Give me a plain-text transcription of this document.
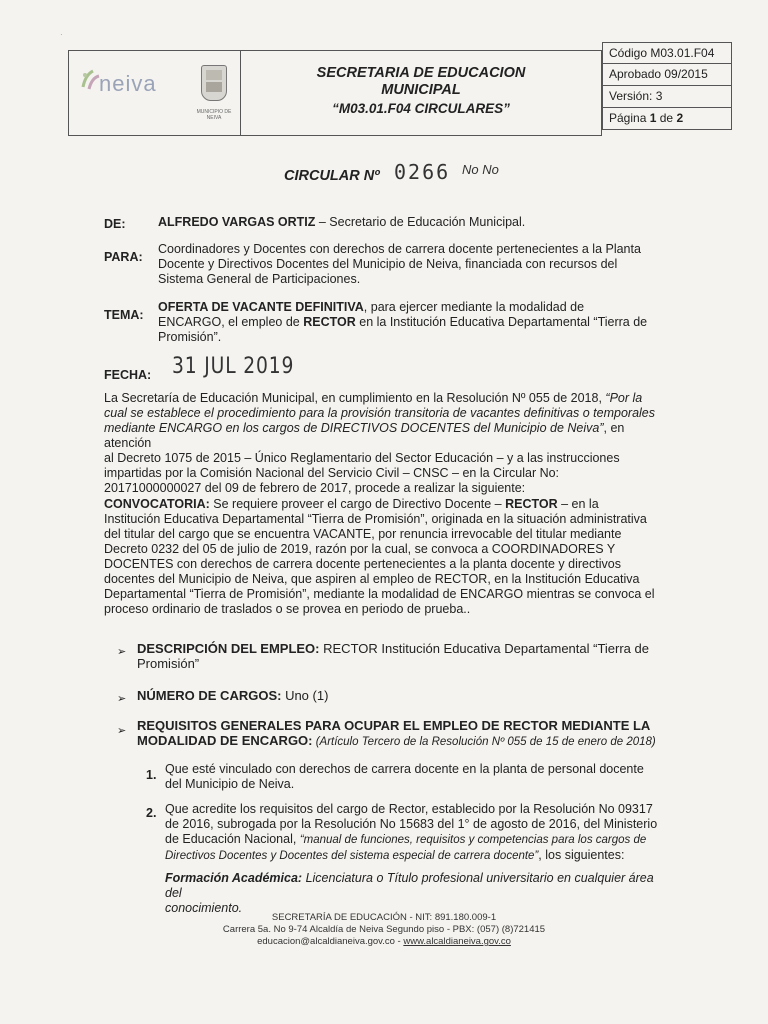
·
neiva
MUNICIPIO DE NEIVA
SECRETARIA DE EDUCACION
MUNICIPAL
“M03.01.F04 CIRCULARES”
Código M03.01.F04
Aprobado 09/2015
Versión: 3
Página 1 de 2
CIRCULAR Nº 0266 No No
DE:	ALFREDO VARGAS ORTIZ – Secretario de Educación Municipal.
PARA:
Coordinadores y Docentes con derechos de carrera docente pertenecientes a la Planta
Docente y Directivos Docentes del Municipio de Neiva, financiada con recursos del
Sistema General de Participaciones.
TEMA:
OFERTA DE VACANTE DEFINITIVA, para ejercer mediante la modalidad de
ENCARGO, el empleo de RECTOR en la Institución Educativa Departamental “Tierra de
Promisión”.
FECHA: 31 JUL 2019
La Secretaría de Educación Municipal, en cumplimiento en la Resolución Nº 055 de 2018, “Por la
cual se establece el procedimiento para la provisión transitoria de vacantes definitivas o temporales
mediante ENCARGO en los cargos de DIRECTIVOS DOCENTES del Municipio de Neiva”, en atención
al Decreto 1075 de 2015 – Único Reglamentario del Sector Educación – y a las instrucciones
impartidas por la Comisión Nacional del Servicio Civil – CNSC – en la Circular No:
20171000000027 del 09 de febrero de 2017, procede a realizar la siguiente:
CONVOCATORIA: Se requiere proveer el cargo de Directivo Docente – RECTOR – en la
Institución Educativa Departamental “Tierra de Promisión”, originada en la situación administrativa
del titular del cargo que se encuentra VACANTE, por renuncia irrevocable del titular mediante
Decreto 0232 del 05 de julio de 2019, razón por la cual, se convoca a COORDINADORES Y
DOCENTES con derechos de carrera docente pertenecientes a la planta docente y directivos
docentes del Municipio de Neiva, que aspiren al empleo de RECTOR, en la Institución Educativa
Departamental “Tierra de Promisión”, mediante la modalidad de ENCARGO mientras se convoca el
proceso ordinario de traslados o se provea en periodo de prueba..
➢ DESCRIPCIÓN DEL EMPLEO: RECTOR Institución Educativa Departamental “Tierra de
Promisión”
➢ NÚMERO DE CARGOS: Uno (1)
➢ REQUISITOS GENERALES PARA OCUPAR EL EMPLEO DE RECTOR MEDIANTE LA
MODALIDAD DE ENCARGO: (Artículo Tercero de la Resolución Nº 055 de 15 de enero de 2018)
1. Que esté vinculado con derechos de carrera docente en la planta de personal docente
del Municipio de Neiva.
2. Que acredite los requisitos del cargo de Rector, establecido por la Resolución No 09317
de 2016, subrogada por la Resolución No 15683 del 1° de agosto de 2016, del Ministerio
de Educación Nacional, “manual de funciones, requisitos y competencias para los cargos de
Directivos Docentes y Docentes del sistema especial de carrera docente”, los siguientes:
Formación Académica: Licenciatura o Título profesional universitario en cualquier área del
conocimiento.
SECRETARÍA DE EDUCACIÓN - NIT: 891.180.009-1
Carrera 5a. No 9-74 Alcaldía de Neiva Segundo piso - PBX: (057) (8)721415
educacion@alcaldianeiva.gov.co - www.alcaldianeiva.gov.co
